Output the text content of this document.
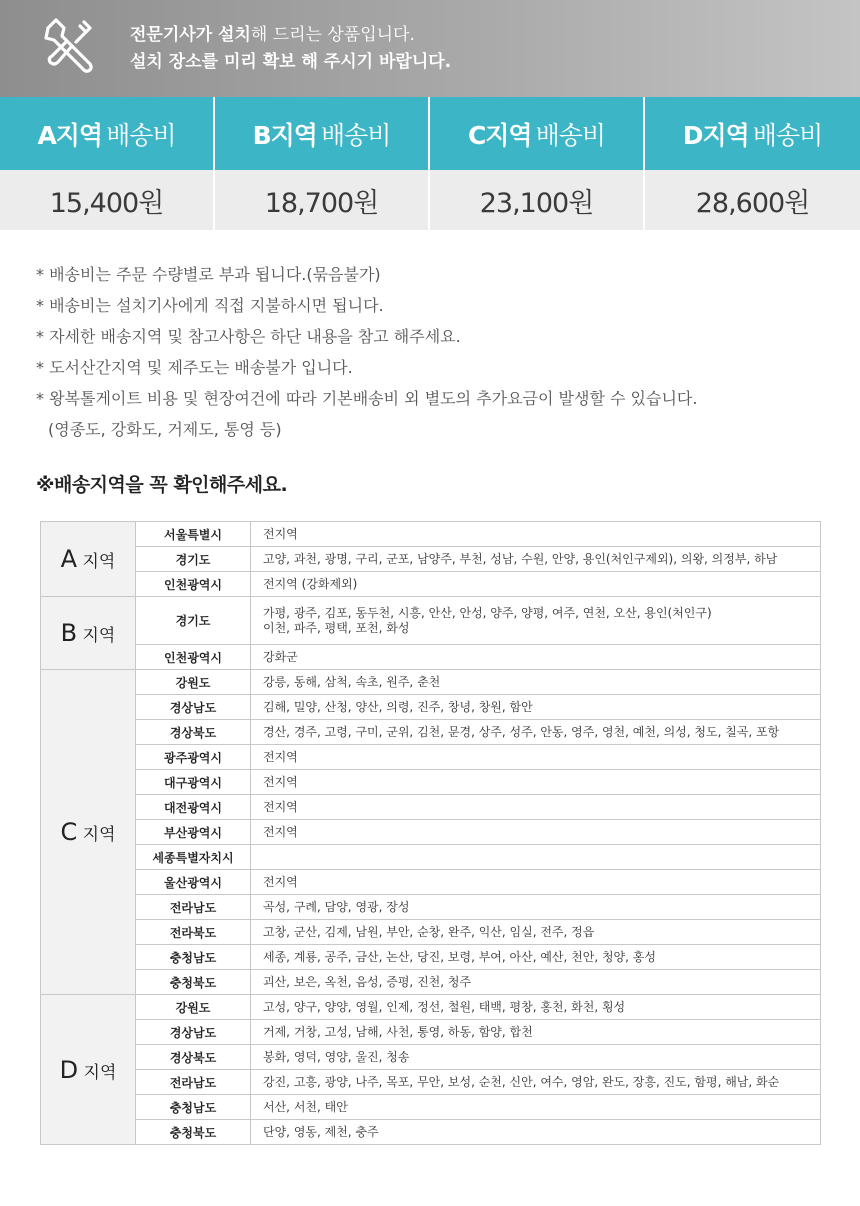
전문기사가 설치해 드리는 상품입니다.
설치 장소를 미리 확보 해 주시기 바랍니다.
A지역 배송비	B지역 배송비	C지역 배송비	D지역 배송비
15,400원	18,700원	23,100원	28,600원
* 배송비는 주문 수량별로 부과 됩니다.(묶음불가)
* 배송비는 설치기사에게 직접 지불하시면 됩니다.
* 자세한 배송지역 및 참고사항은 하단 내용을 참고 해주세요.
* 도서산간지역 및 제주도는 배송불가 입니다.
* 왕복톨게이트 비용 및 현장여건에 따라 기본배송비 외 별도의 추가요금이 발생할 수 있습니다.
(영종도, 강화도, 거제도, 통영 등)
※배송지역을 꼭 확인해주세요.
A 지역	서울특별시	전지역
	경기도	고양, 과천, 광명, 구리, 군포, 남양주, 부천, 성남, 수원, 안양, 용인(처인구제외), 의왕, 의정부, 하남
	인천광역시	전지역 (강화제외)
B 지역	경기도	가평, 광주, 김포, 동두천, 시흥, 안산, 안성, 양주, 양평, 여주, 연천, 오산, 용인(처인구)
이천, 파주, 평택, 포천, 화성

	인천광역시	강화군
C 지역	강원도	강릉, 동해, 삼척, 속초, 원주, 춘천
	경상남도	김해, 밀양, 산청, 양산, 의령, 진주, 창녕, 창원, 함안
	경상북도	경산, 경주, 고령, 구미, 군위, 김천, 문경, 상주, 성주, 안동, 영주, 영천, 예천, 의성, 청도, 칠곡, 포항
	광주광역시	전지역
	대구광역시	전지역
	대전광역시	전지역
	부산광역시	전지역
	세종특별자치시	
	울산광역시	전지역
	전라남도	곡성, 구례, 담양, 영광, 장성
	전라북도	고창, 군산, 김제, 남원, 부안, 순창, 완주, 익산, 임실, 전주, 정읍
	충청남도	세종, 계룡, 공주, 금산, 논산, 당진, 보령, 부여, 아산, 예산, 천안, 청양, 홍성
	충청북도	괴산, 보은, 옥천, 음성, 증평, 진천, 청주
D 지역	강원도	고성, 양구, 양양, 영월, 인제, 정선, 철원, 태백, 평창, 홍천, 화천, 횡성
	경상남도	거제, 거창, 고성, 남해, 사천, 통영, 하동, 함양, 합천
	경상북도	봉화, 영덕, 영양, 울진, 청송
	전라남도	강진, 고흥, 광양, 나주, 목포, 무안, 보성, 순천, 신안, 여수, 영암, 완도, 장흥, 진도, 함평, 해남, 화순
	충청남도	서산, 서천, 태안
	충청북도	단양, 영동, 제천, 충주
